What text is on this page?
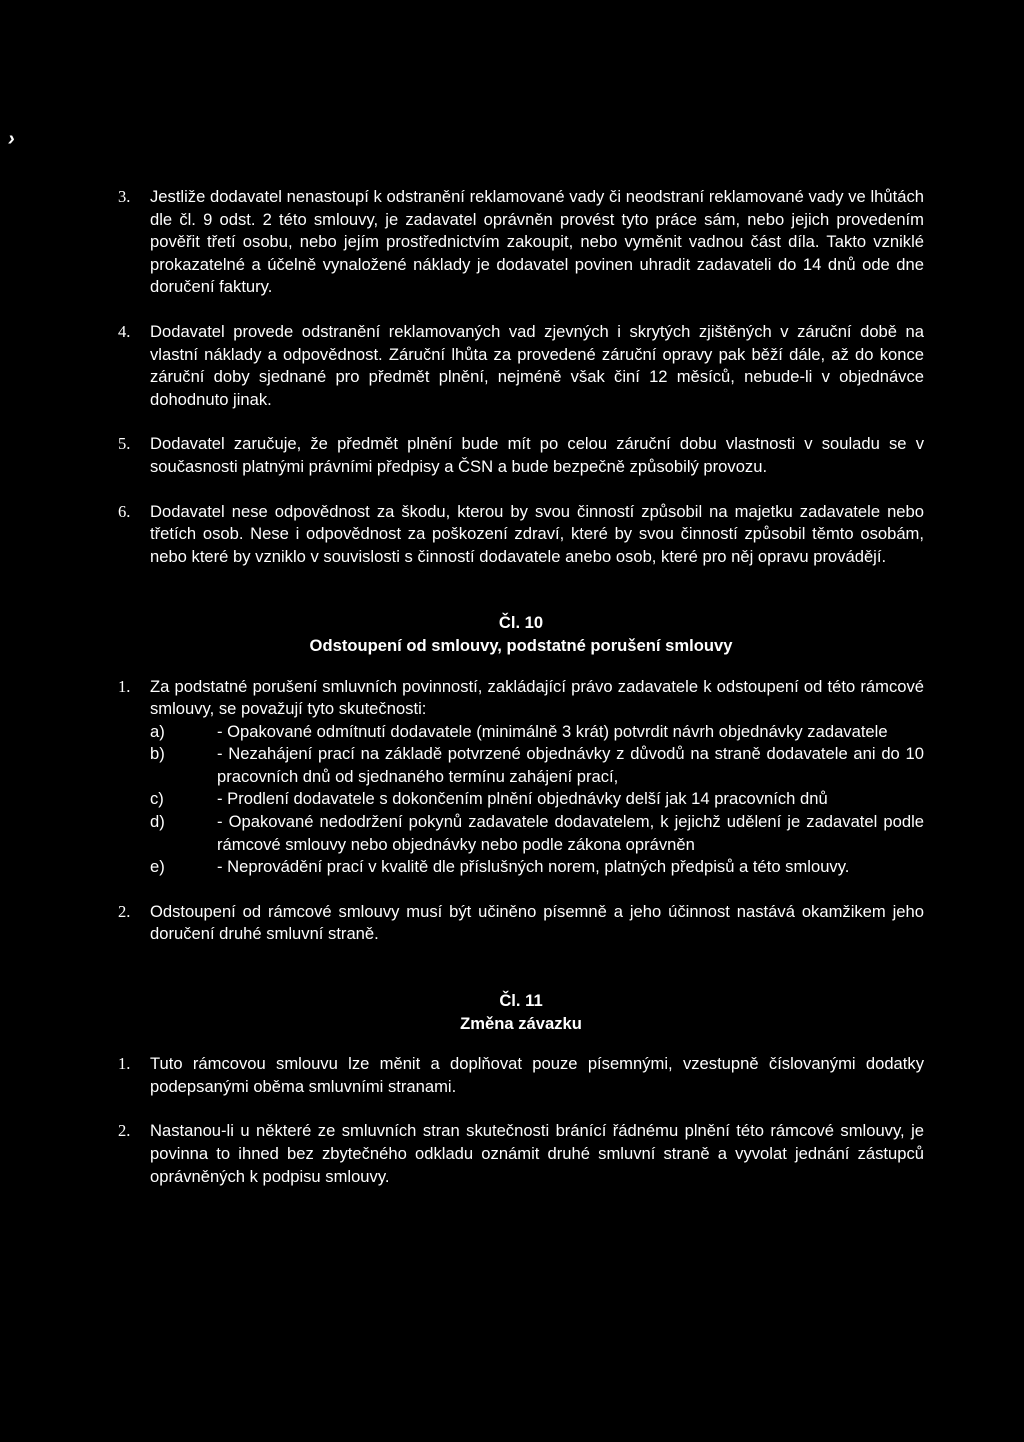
›
3. Jestliže dodavatel nenastoupí k odstranění reklamované vady či neodstraní reklamované vady ve lhůtách dle čl. 9 odst. 2 této smlouvy, je zadavatel oprávněn provést tyto práce sám, nebo jejich provedením pověřit třetí osobu, nebo jejím prostřednictvím zakoupit, nebo vyměnit vadnou část díla. Takto vzniklé prokazatelné a účelně vynaložené náklady je dodavatel povinen uhradit zadavateli do 14 dnů ode dne doručení faktury.
4. Dodavatel provede odstranění reklamovaných vad zjevných i skrytých zjištěných v záruční době na vlastní náklady a odpovědnost. Záruční lhůta za provedené záruční opravy pak běží dále, až do konce záruční doby sjednané pro předmět plnění, nejméně však činí 12 měsíců, nebude-li v objednávce dohodnuto jinak.
5. Dodavatel zaručuje, že předmět plnění bude mít po celou záruční dobu vlastnosti v souladu se v současnosti platnými právními předpisy a ČSN a bude bezpečně způsobilý provozu.
6. Dodavatel nese odpovědnost za škodu, kterou by svou činností způsobil na majetku zadavatele nebo třetích osob. Nese i odpovědnost za poškození zdraví, které by svou činností způsobil těmto osobám, nebo které by vzniklo v souvislosti s činností dodavatele anebo osob, které pro něj opravu provádějí.
Čl. 10
Odstoupení od smlouvy, podstatné porušení smlouvy
1. Za podstatné porušení smluvních povinností, zakládající právo zadavatele k odstoupení od této rámcové smlouvy, se považují tyto skutečnosti:
a)	- Opakované odmítnutí dodavatele (minimálně 3 krát) potvrdit návrh objednávky zadavatele
b)	- Nezahájení prací na základě potvrzené objednávky z důvodů na straně dodavatele ani do 10 pracovních dnů od sjednaného termínu zahájení prací,
c)	- Prodlení dodavatele s dokončením plnění objednávky delší jak 14 pracovních dnů
d)	- Opakované nedodržení pokynů zadavatele dodavatelem, k jejichž udělení je zadavatel podle rámcové smlouvy nebo objednávky nebo podle zákona oprávněn
e)	- Neprovádění prací v kvalitě dle příslušných norem, platných předpisů a této smlouvy.
2. Odstoupení od rámcové smlouvy musí být učiněno písemně a jeho účinnost nastává okamžikem jeho doručení druhé smluvní straně.
Čl. 11
Změna závazku
1. Tuto rámcovou smlouvu lze měnit a doplňovat pouze písemnými, vzestupně číslovanými dodatky podepsanými oběma smluvními stranami.
2. Nastanou-li u některé ze smluvních stran skutečnosti bránící řádnému plnění této rámcové smlouvy, je povinna to ihned bez zbytečného odkladu oznámit druhé smluvní straně a vyvolat jednání zástupců oprávněných k podpisu smlouvy.
